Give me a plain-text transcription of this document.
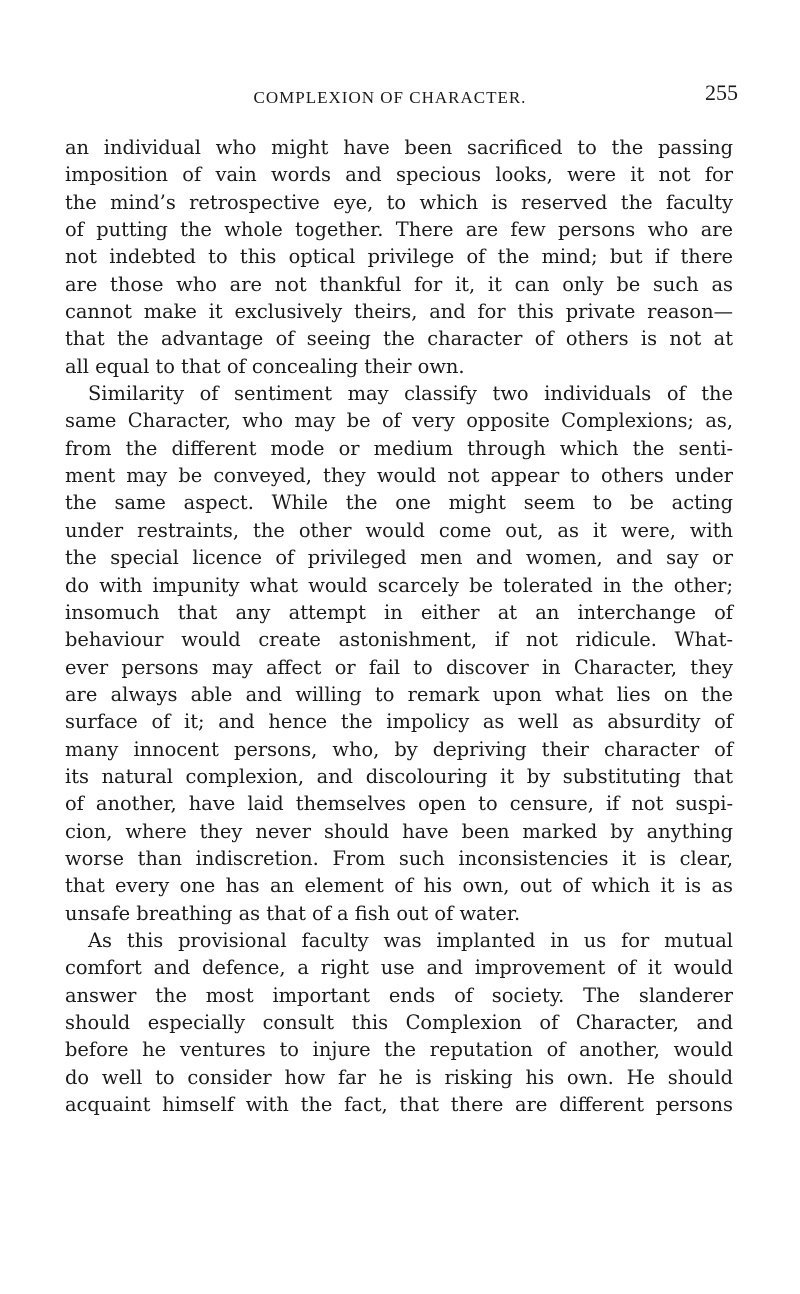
COMPLEXION OF CHARACTER.	255
an individual who might have been sacrificed to the passing
imposition of vain words and specious looks, were it not for
the mind’s retrospective eye, to which is reserved the faculty
of putting the whole together. There are few persons who are
not indebted to this optical privilege of the mind; but if there
are those who are not thankful for it, it can only be such as
cannot make it exclusively theirs, and for this private reason—
that the advantage of seeing the character of others is not at
all equal to that of concealing their own.
Similarity of sentiment may classify two individuals of the
same Character, who may be of very opposite Complexions; as,
from the different mode or medium through which the senti-
ment may be conveyed, they would not appear to others under
the same aspect. While the one might seem to be acting
under restraints, the other would come out, as it were, with
the special licence of privileged men and women, and say or
do with impunity what would scarcely be tolerated in the other;
insomuch that any attempt in either at an interchange of
behaviour would create astonishment, if not ridicule. What-
ever persons may affect or fail to discover in Character, they
are always able and willing to remark upon what lies on the
surface of it; and hence the impolicy as well as absurdity of
many innocent persons, who, by depriving their character of
its natural complexion, and discolouring it by substituting that
of another, have laid themselves open to censure, if not suspi-
cion, where they never should have been marked by anything
worse than indiscretion. From such inconsistencies it is clear,
that every one has an element of his own, out of which it is as
unsafe breathing as that of a fish out of water.
As this provisional faculty was implanted in us for mutual
comfort and defence, a right use and improvement of it would
answer the most important ends of society. The slanderer
should especially consult this Complexion of Character, and
before he ventures to injure the reputation of another, would
do well to consider how far he is risking his own. He should
acquaint himself with the fact, that there are different persons
